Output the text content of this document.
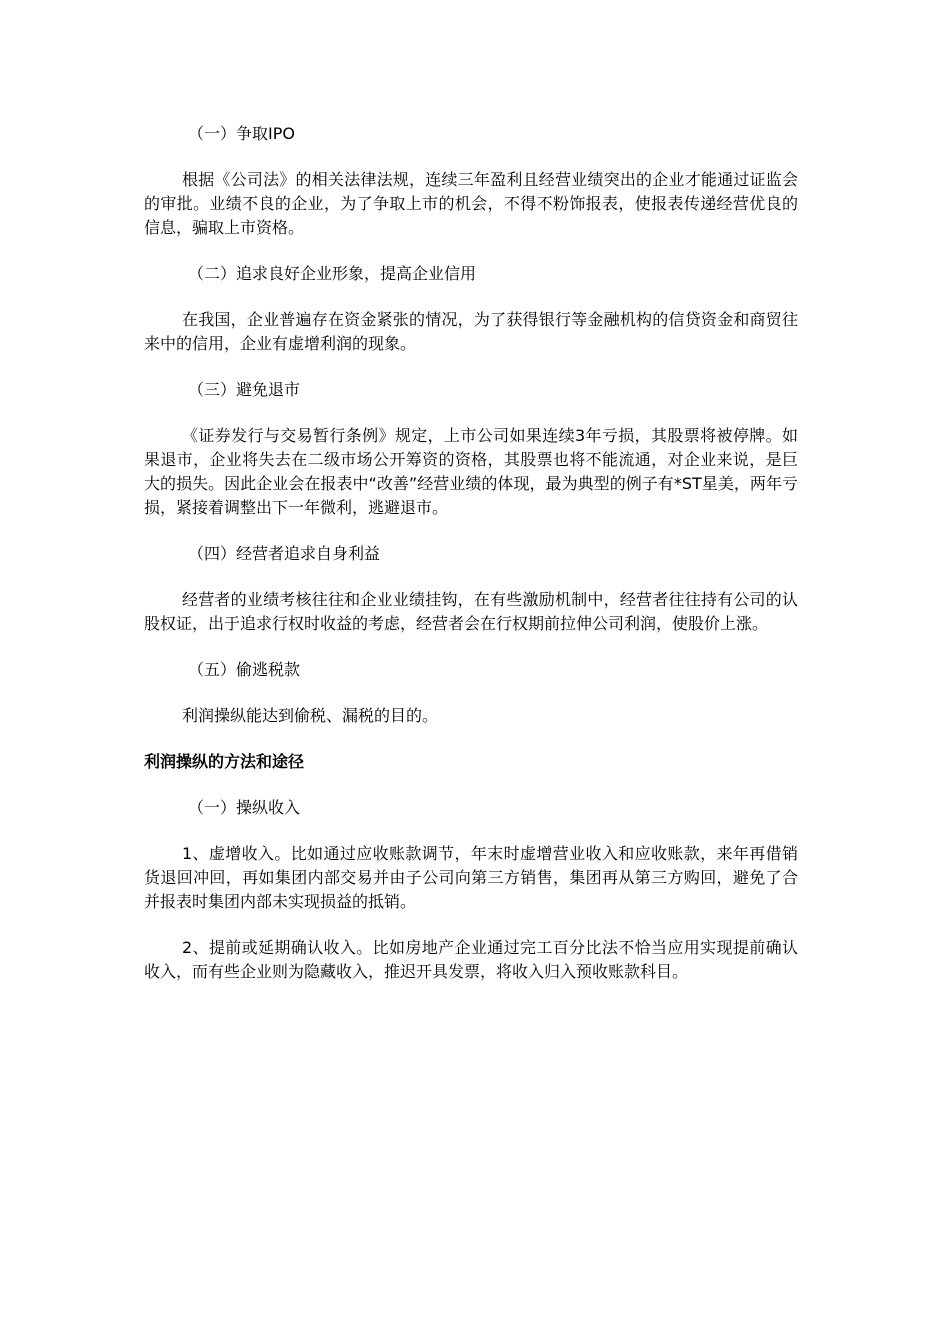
（一）争取IPO
根据《公司法》的相关法律法规，连续三年盈利且经营业绩突出的企业才能通过证监会的审批。业绩不良的企业，为了争取上市的机会，不得不粉饰报表，使报表传递经营优良的信息，骗取上市资格。
（二）追求良好企业形象，提高企业信用
在我国，企业普遍存在资金紧张的情况，为了获得银行等金融机构的信贷资金和商贸往来中的信用，企业有虚增利润的现象。
（三）避免退市
《证券发行与交易暂行条例》规定，上市公司如果连续3年亏损，其股票将被停牌。如果退市，企业将失去在二级市场公开筹资的资格，其股票也将不能流通，对企业来说，是巨大的损失。因此企业会在报表中“改善”经营业绩的体现，最为典型的例子有*ST星美，两年亏损，紧接着调整出下一年微利，逃避退市。
（四）经营者追求自身利益
经营者的业绩考核往往和企业业绩挂钩，在有些激励机制中，经营者往往持有公司的认股权证，出于追求行权时收益的考虑，经营者会在行权期前拉伸公司利润，使股价上涨。
（五）偷逃税款
利润操纵能达到偷税、漏税的目的。
利润操纵的方法和途径
（一）操纵收入
1、虚增收入。比如通过应收账款调节，年末时虚增营业收入和应收账款，来年再借销货退回冲回，再如集团内部交易并由子公司向第三方销售，集团再从第三方购回，避免了合并报表时集团内部未实现损益的抵销。
2、提前或延期确认收入。比如房地产企业通过完工百分比法不恰当应用实现提前确认收入，而有些企业则为隐藏收入，推迟开具发票，将收入归入预收账款科目。
